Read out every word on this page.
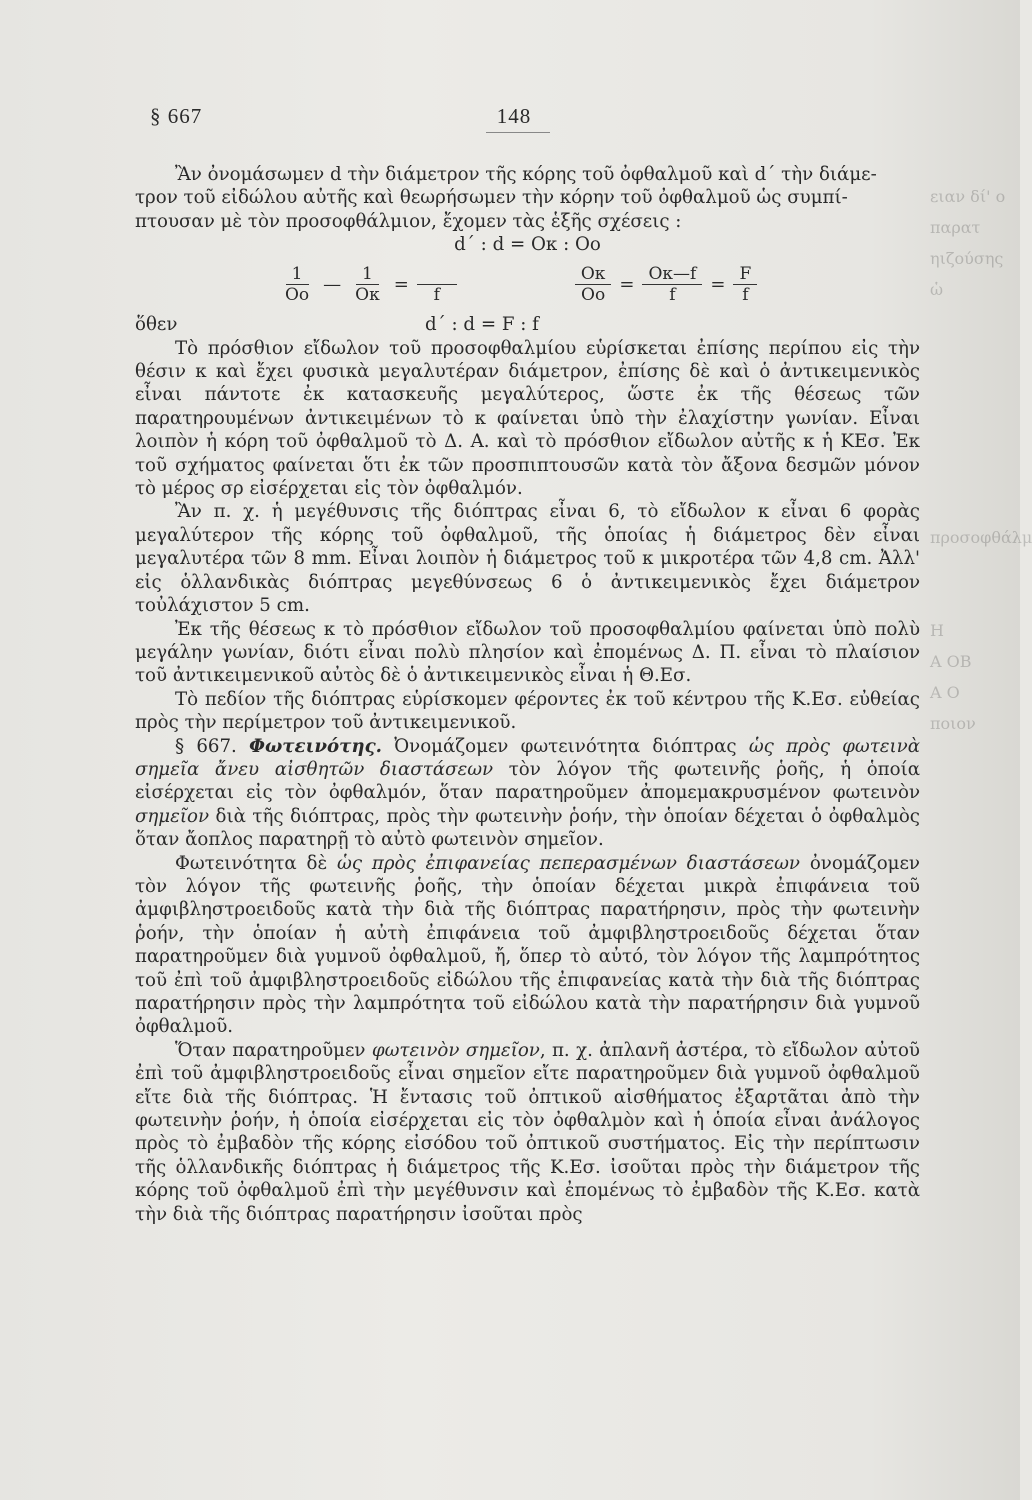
ειαν δί' ο
παρατ
ηιζούσης
ὡ

προσοφθάλμ

Η
Α ΟΒ
Α Ο
ποιον
§ 667	148

Ἂν ὀνομάσωμεν d τὴν διάμετρον τῆς κόρης τοῦ ὀφθαλμοῦ καὶ d΄ τὴν διάμε-

τρον τοῦ εἰδώλου αὐτῆς καὶ θεωρήσωμεν τὴν κόρην τοῦ ὀφθαλμοῦ ὡς συμπί-

πτουσαν μὲ τὸν προσοφθάλμιον, ἔχομεν τὰς ἑξῆς σχέσεις :

d΄ : d = Oκ : Oo

$\frac{1}{Oo}$ — $\frac{1}{O\kappa}$ =
f	$\frac{O\kappa}{Oo} = \frac{O\kappa—f}{f} = \frac{F}{f}$
ὅθεν	d΄ : d = F : f

Τὸ πρόσθιον εἴδωλον τοῦ προσοφθαλμίου εὑρίσκεται ἐπίσης περίπου εἰς τὴν θέσιν κ καὶ ἔχει φυσικὰ μεγαλυτέραν διάμετρον, ἐπίσης δὲ καὶ ὁ ἀντικειμενικὸς εἶναι πάντοτε ἐκ κατασκευῆς μεγαλύτερος, ὥστε ἐκ τῆς θέσεως τῶν παρατηρουμένων ἀντικειμένων τὸ κ φαίνεται ὑπὸ τὴν ἐλαχίστην γωνίαν. Εἶναι λοιπὸν ἡ κόρη τοῦ ὀφθαλμοῦ τὸ Δ. Α. καὶ τὸ πρόσθιον εἴδωλον αὐτῆς κ ἡ ΚΕσ. Ἐκ τοῦ σχήματος φαίνεται ὅτι ἐκ τῶν προσπιπτουσῶν κατὰ τὸν ἄξονα δεσμῶν μόνον τὸ μέρος σρ εἰσέρχεται εἰς τὸν ὀφθαλμόν.

Ἂν π. χ. ἡ μεγέθυνσις τῆς διόπτρας εἶναι 6, τὸ εἴδωλον κ εἶναι 6 φορὰς μεγαλύτερον τῆς κόρης τοῦ ὀφθαλμοῦ, τῆς ὁποίας ἡ διάμετρος δὲν εἶναι μεγαλυτέρα τῶν 8 mm. Εἶναι λοιπὸν ἡ διάμετρος τοῦ κ μικροτέρα τῶν 4,8 cm. Ἀλλ' εἰς ὁλλανδικὰς διόπτρας μεγεθύνσεως 6 ὁ ἀντικειμενικὸς ἔχει διάμετρον τοὐλάχιστον 5 cm.

Ἐκ τῆς θέσεως κ τὸ πρόσθιον εἴδωλον τοῦ προσοφθαλμίου φαίνεται ὑπὸ πολὺ μεγάλην γωνίαν, διότι εἶναι πολὺ πλησίον καὶ ἐπομένως Δ. Π. εἶναι τὸ πλαίσιον τοῦ ἀντικειμενικοῦ αὐτὸς δὲ ὁ ἀντικειμενικὸς εἶναι ἡ Θ.Εσ.

Τὸ πεδίον τῆς διόπτρας εὑρίσκομεν φέροντες ἐκ τοῦ κέντρου τῆς Κ.Εσ. εὐθείας πρὸς τὴν περίμετρον τοῦ ἀντικειμενικοῦ.

§ 667. Φωτεινότης. Ὀνομάζομεν φωτεινότητα διόπτρας ὡς πρὸς φωτεινὰ σημεῖα ἄνευ αἰσθητῶν διαστάσεων τὸν λόγον τῆς φωτεινῆς ῥοῆς, ἡ ὁποία εἰσέρχεται εἰς τὸν ὀφθαλμόν, ὅταν παρατηροῦμεν ἀπομεμακρυσμένον φωτεινὸν σημεῖον διὰ τῆς διόπτρας, πρὸς τὴν φωτεινὴν ῥοήν, τὴν ὁποίαν δέχεται ὁ ὀφθαλμὸς ὅταν ἄοπλος παρατηρῇ τὸ αὐτὸ φωτεινὸν σημεῖον.

Φωτεινότητα δὲ ὡς πρὸς ἐπιφανείας πεπερασμένων διαστάσεων ὀνομάζομεν τὸν λόγον τῆς φωτεινῆς ῥοῆς, τὴν ὁποίαν δέχεται μικρὰ ἐπιφάνεια τοῦ ἀμφιβληστροειδοῦς κατὰ τὴν διὰ τῆς διόπτρας παρατήρησιν, πρὸς τὴν φωτεινὴν ῥοήν, τὴν ὁποίαν ἡ αὐτὴ ἐπιφάνεια τοῦ ἀμφιβληστροειδοῦς δέχεται ὅταν παρατηροῦμεν διὰ γυμνοῦ ὀφθαλμοῦ, ἤ, ὅπερ τὸ αὐτό, τὸν λόγον τῆς λαμπρότητος τοῦ ἐπὶ τοῦ ἀμφιβληστροειδοῦς εἰδώλου τῆς ἐπιφανείας κατὰ τὴν διὰ τῆς διόπτρας παρατήρησιν πρὸς τὴν λαμπρότητα τοῦ εἰδώλου κατὰ τὴν παρατήρησιν διὰ γυμνοῦ ὀφθαλμοῦ.

Ὅταν παρατηροῦμεν φωτεινὸν σημεῖον, π. χ. ἀπλανῆ ἀστέρα, τὸ εἴδωλον αὐτοῦ ἐπὶ τοῦ ἀμφιβληστροειδοῦς εἶναι σημεῖον εἴτε παρατηροῦμεν διὰ γυμνοῦ ὀφθαλμοῦ εἴτε διὰ τῆς διόπτρας. Ἡ ἔντασις τοῦ ὀπτικοῦ αἰσθήματος ἐξαρτᾶται ἀπὸ τὴν φωτεινὴν ῥοήν, ἡ ὁποία εἰσέρχεται εἰς τὸν ὀφθαλμὸν καὶ ἡ ὁποία εἶναι ἀνάλογος πρὸς τὸ ἐμβαδὸν τῆς κόρης εἰσόδου τοῦ ὀπτικοῦ συστήματος. Εἰς τὴν περίπτωσιν τῆς ὁλλανδικῆς διόπτρας ἡ διάμετρος τῆς Κ.Εσ. ἰσοῦται πρὸς τὴν διάμετρον τῆς κόρης τοῦ ὀφθαλμοῦ ἐπὶ τὴν μεγέθυνσιν καὶ ἐπομένως τὸ ἐμβαδὸν τῆς Κ.Εσ. κατὰ τὴν διὰ τῆς διόπτρας παρατήρησιν ἰσοῦται πρὸς
